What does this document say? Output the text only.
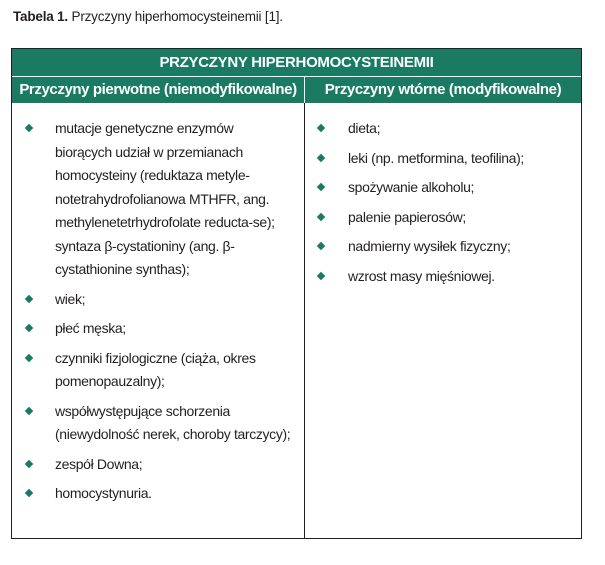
Tabela 1. Przyczyny hiperhomocysteinemii [1].
PRZYCZYNY HIPERHOMOCYSTEINEMII
Przyczyny pierwotne (niemodyfikowalne)	Przyczyny wtórne (modyfikowalne)
mutacje genetyczne enzymów biorących udział w przemianach homocysteiny (reduktaza metyle-notetrahydrofolianowa MTHFR, ang. methylenetetrhydrofolate reducta-se); syntaza β-cystationiny (ang. β-cystathionine synthas);
wiek;
płeć męska;
czynniki fizjologiczne (ciąża, okres pomenopauzalny);
współwystępujące schorzenia (niewydolność nerek, choroby tarczycy);
zespół Downa;
homocystynuria.
dieta;
leki (np. metformina, teofilina);
spożywanie alkoholu;
palenie papierosów;
nadmierny wysiłek fizyczny;
wzrost masy mięśniowej.
